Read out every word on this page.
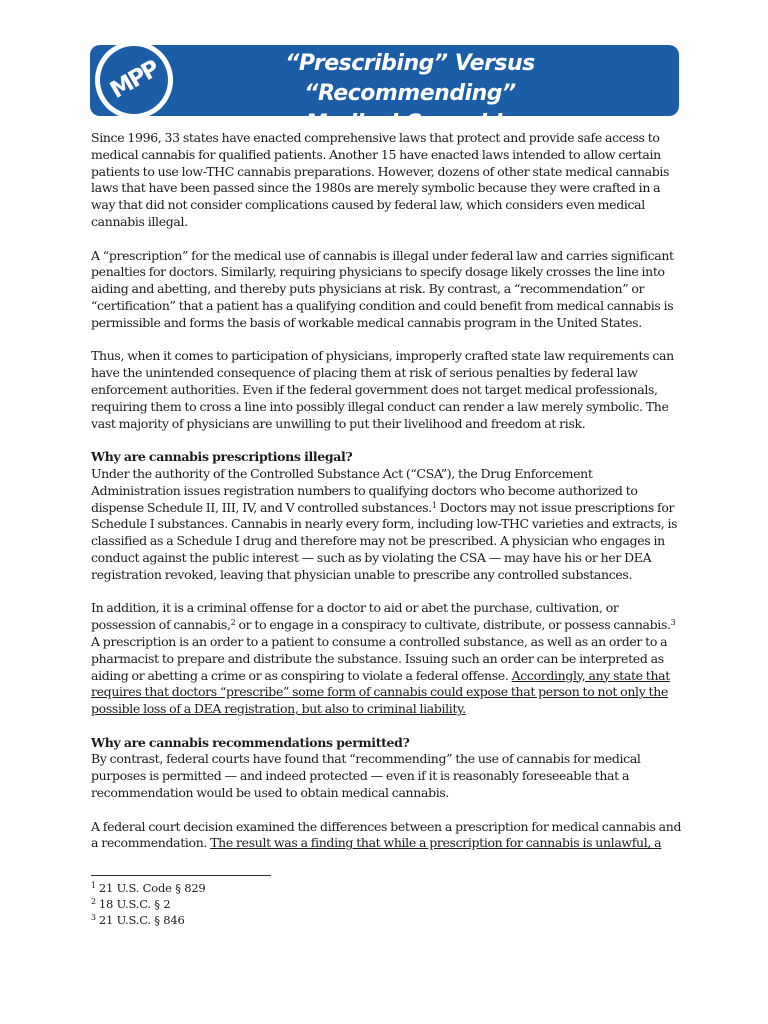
MPP	“Prescribing” Versus “Recommending”
Medical Cannabis

Since 1996, 33 states have enacted comprehensive laws that protect and provide safe access to medical cannabis for qualified patients. Another 15 have enacted laws intended to allow certain patients to use low-THC cannabis preparations. However, dozens of other state medical cannabis laws that have been passed since the 1980s are merely symbolic because they were crafted in a way that did not consider complications caused by federal law, which considers even medical cannabis illegal.

A “prescription” for the medical use of cannabis is illegal under federal law and carries significant penalties for doctors. Similarly, requiring physicians to specify dosage likely crosses the line into aiding and abetting, and thereby puts physicians at risk. By contrast, a “recommendation” or “certification” that a patient has a qualifying condition and could benefit from medical cannabis is permissible and forms the basis of workable medical cannabis program in the United States.

Thus, when it comes to participation of physicians, improperly crafted state law requirements can have the unintended consequence of placing them at risk of serious penalties by federal law enforcement authorities. Even if the federal government does not target medical professionals, requiring them to cross a line into possibly illegal conduct can render a law merely symbolic. The vast majority of physicians are unwilling to put their livelihood and freedom at risk.

Why are cannabis prescriptions illegal?

Under the authority of the Controlled Substance Act (“CSA”), the Drug Enforcement Administration issues registration numbers to qualifying doctors who become authorized to dispense Schedule II, III, IV, and V controlled substances.$^1$ Doctors may not issue prescriptions for Schedule I substances. Cannabis in nearly every form, including low-THC varieties and extracts, is classified as a Schedule I drug and therefore may not be prescribed. A physician who engages in conduct against the public interest — such as by violating the CSA — may have his or her DEA registration revoked, leaving that physician unable to prescribe any controlled substances.

In addition, it is a criminal offense for a doctor to aid or abet the purchase, cultivation, or possession of cannabis,$^2$ or to engage in a conspiracy to cultivate, distribute, or possess cannabis.$^3$ A prescription is an order to a patient to consume a controlled substance, as well as an order to a pharmacist to prepare and distribute the substance. Issuing such an order can be interpreted as aiding or abetting a crime or as conspiring to violate a federal offense. Accordingly, any state that requires that doctors “prescribe” some form of cannabis could expose that person to not only the possible loss of a DEA registration, but also to criminal liability.

Why are cannabis recommendations permitted?

By contrast, federal courts have found that “recommending” the use of cannabis for medical purposes is permitted — and indeed protected — even if it is reasonably foreseeable that a recommendation would be used to obtain medical cannabis.

A federal court decision examined the differences between a prescription for medical cannabis and a recommendation. The result was a finding that while a prescription for cannabis is unlawful, a

$^1$ 21 U.S. Code § 829
$^2$ 18 U.S.C. § 2
$^3$ 21 U.S.C. § 846
